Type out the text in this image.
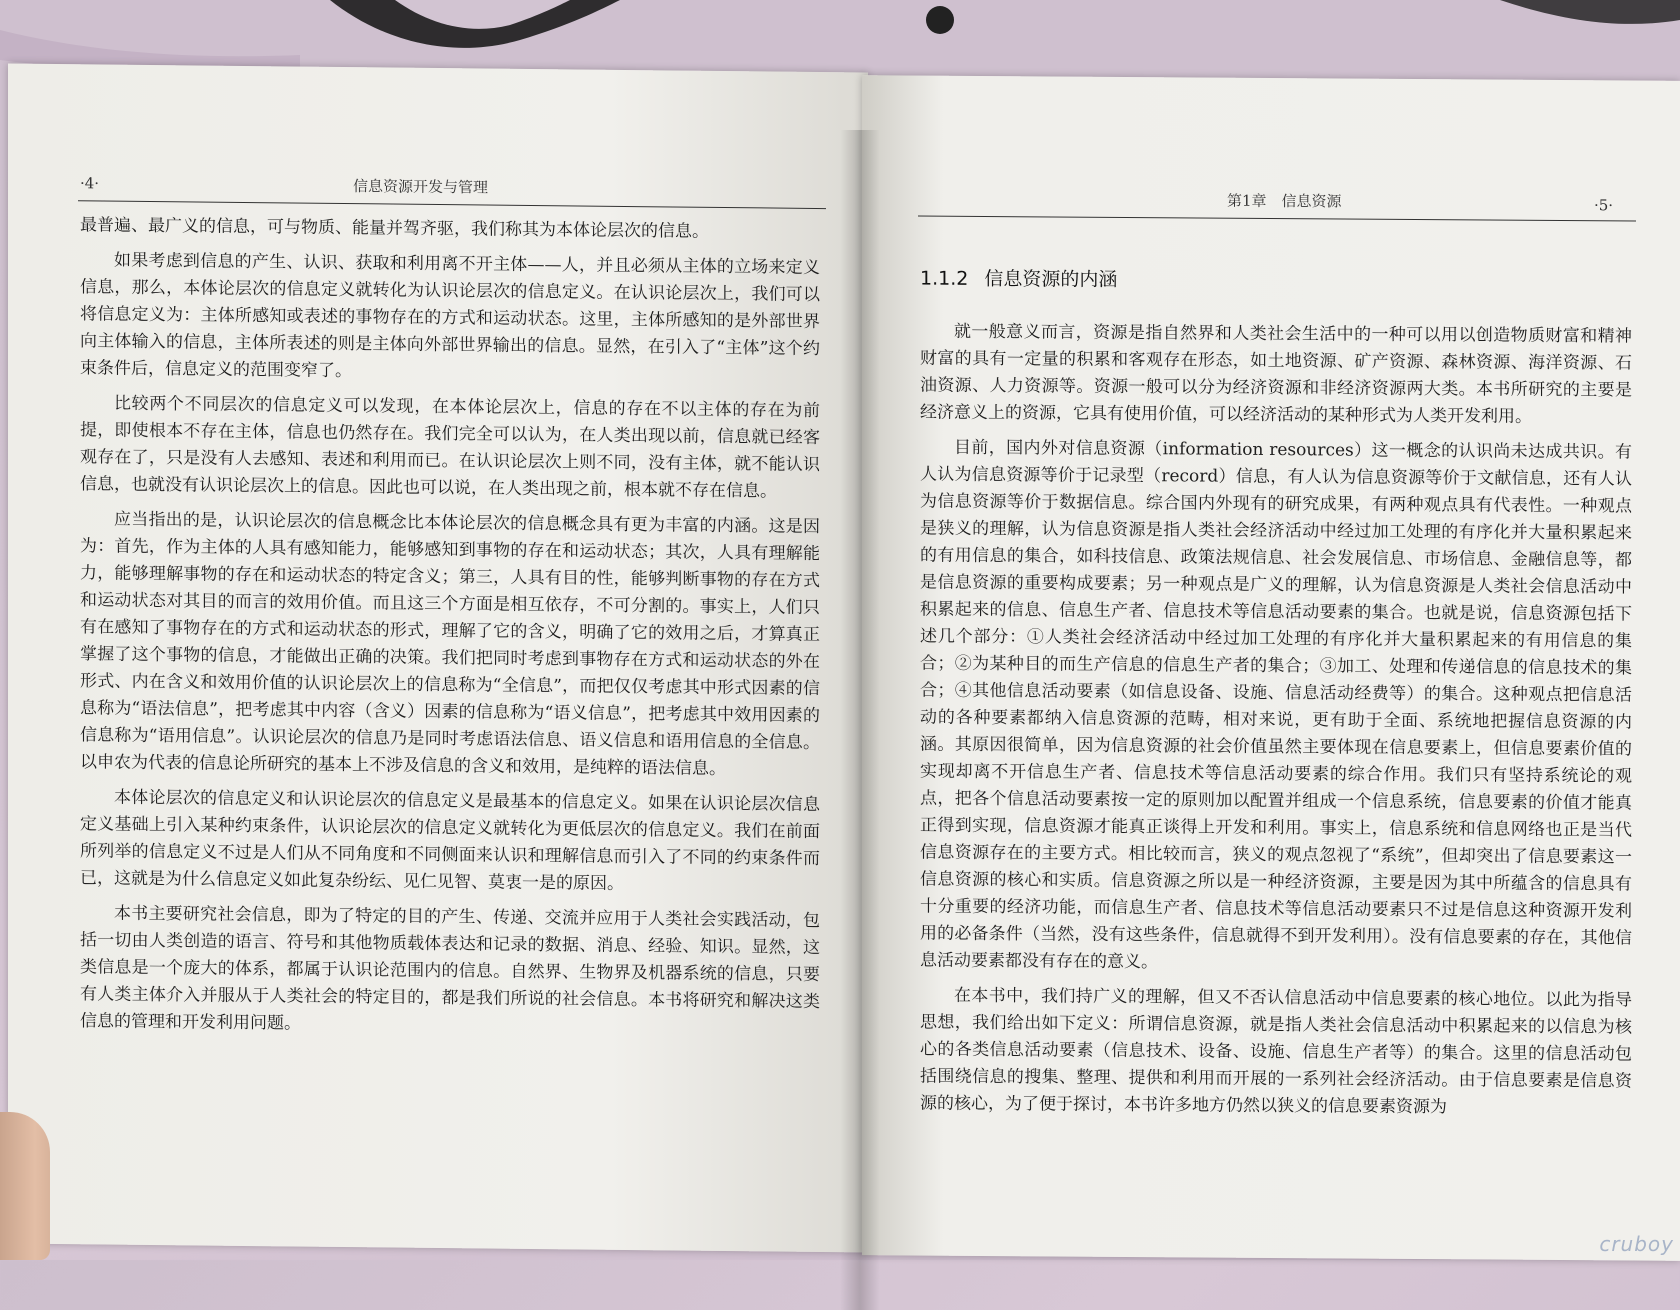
·4·	信息资源开发与管理

最普遍、最广义的信息，可与物质、能量并驾齐驱，我们称其为本体论层次的信息。

如果考虑到信息的产生、认识、获取和利用离不开主体——人，并且必须从主体的立场来定义信息，那么，本体论层次的信息定义就转化为认识论层次的信息定义。在认识论层次上，我们可以将信息定义为：主体所感知或表述的事物存在的方式和运动状态。这里，主体所感知的是外部世界向主体输入的信息，主体所表述的则是主体向外部世界输出的信息。显然，在引入了“主体”这个约束条件后，信息定义的范围变窄了。

比较两个不同层次的信息定义可以发现，在本体论层次上，信息的存在不以主体的存在为前提，即使根本不存在主体，信息也仍然存在。我们完全可以认为，在人类出现以前，信息就已经客观存在了，只是没有人去感知、表述和利用而已。在认识论层次上则不同，没有主体，就不能认识信息，也就没有认识论层次上的信息。因此也可以说，在人类出现之前，根本就不存在信息。

应当指出的是，认识论层次的信息概念比本体论层次的信息概念具有更为丰富的内涵。这是因为：首先，作为主体的人具有感知能力，能够感知到事物的存在和运动状态；其次，人具有理解能力，能够理解事物的存在和运动状态的特定含义；第三，人具有目的性，能够判断事物的存在方式和运动状态对其目的而言的效用价值。而且这三个方面是相互依存，不可分割的。事实上，人们只有在感知了事物存在的方式和运动状态的形式，理解了它的含义，明确了它的效用之后，才算真正掌握了这个事物的信息，才能做出正确的决策。我们把同时考虑到事物存在方式和运动状态的外在形式、内在含义和效用价值的认识论层次上的信息称为“全信息”，而把仅仅考虑其中形式因素的信息称为“语法信息”，把考虑其中内容（含义）因素的信息称为“语义信息”，把考虑其中效用因素的信息称为“语用信息”。认识论层次的信息乃是同时考虑语法信息、语义信息和语用信息的全信息。以申农为代表的信息论所研究的基本上不涉及信息的含义和效用，是纯粹的语法信息。

本体论层次的信息定义和认识论层次的信息定义是最基本的信息定义。如果在认识论层次信息定义基础上引入某种约束条件，认识论层次的信息定义就转化为更低层次的信息定义。我们在前面所列举的信息定义不过是人们从不同角度和不同侧面来认识和理解信息而引入了不同的约束条件而已，这就是为什么信息定义如此复杂纷纭、见仁见智、莫衷一是的原因。

本书主要研究社会信息，即为了特定的目的产生、传递、交流并应用于人类社会实践活动，包括一切由人类创造的语言、符号和其他物质载体表达和记录的数据、消息、经验、知识。显然，这类信息是一个庞大的体系，都属于认识论范围内的信息。自然界、生物界及机器系统的信息，只要有人类主体介入并服从于人类社会的特定目的，都是我们所说的社会信息。本书将研究和解决这类信息的管理和开发利用问题。

第1章　信息资源	·5·
1.1.2 信息资源的内涵

就一般意义而言，资源是指自然界和人类社会生活中的一种可以用以创造物质财富和精神财富的具有一定量的积累和客观存在形态，如土地资源、矿产资源、森林资源、海洋资源、石油资源、人力资源等。资源一般可以分为经济资源和非经济资源两大类。本书所研究的主要是经济意义上的资源，它具有使用价值，可以经济活动的某种形式为人类开发利用。

目前，国内外对信息资源（information resources）这一概念的认识尚未达成共识。有人认为信息资源等价于记录型（record）信息，有人认为信息资源等价于文献信息，还有人认为信息资源等价于数据信息。综合国内外现有的研究成果，有两种观点具有代表性。一种观点是狭义的理解，认为信息资源是指人类社会经济活动中经过加工处理的有序化并大量积累起来的有用信息的集合，如科技信息、政策法规信息、社会发展信息、市场信息、金融信息等，都是信息资源的重要构成要素；另一种观点是广义的理解，认为信息资源是人类社会信息活动中积累起来的信息、信息生产者、信息技术等信息活动要素的集合。也就是说，信息资源包括下述几个部分：①人类社会经济活动中经过加工处理的有序化并大量积累起来的有用信息的集合；②为某种目的而生产信息的信息生产者的集合；③加工、处理和传递信息的信息技术的集合；④其他信息活动要素（如信息设备、设施、信息活动经费等）的集合。这种观点把信息活动的各种要素都纳入信息资源的范畴，相对来说，更有助于全面、系统地把握信息资源的内涵。其原因很简单，因为信息资源的社会价值虽然主要体现在信息要素上，但信息要素价值的实现却离不开信息生产者、信息技术等信息活动要素的综合作用。我们只有坚持系统论的观点，把各个信息活动要素按一定的原则加以配置并组成一个信息系统，信息要素的价值才能真正得到实现，信息资源才能真正谈得上开发和利用。事实上，信息系统和信息网络也正是当代信息资源存在的主要方式。相比较而言，狭义的观点忽视了“系统”，但却突出了信息要素这一信息资源的核心和实质。信息资源之所以是一种经济资源，主要是因为其中所蕴含的信息具有十分重要的经济功能，而信息生产者、信息技术等信息活动要素只不过是信息这种资源开发利用的必备条件（当然，没有这些条件，信息就得不到开发利用）。没有信息要素的存在，其他信息活动要素都没有存在的意义。

在本书中，我们持广义的理解，但又不否认信息活动中信息要素的核心地位。以此为指导思想，我们给出如下定义：所谓信息资源，就是指人类社会信息活动中积累起来的以信息为核心的各类信息活动要素（信息技术、设备、设施、信息生产者等）的集合。这里的信息活动包括围绕信息的搜集、整理、提供和利用而开展的一系列社会经济活动。由于信息要素是信息资源的核心，为了便于探讨，本书许多地方仍然以狭义的信息要素资源为

cruboy
